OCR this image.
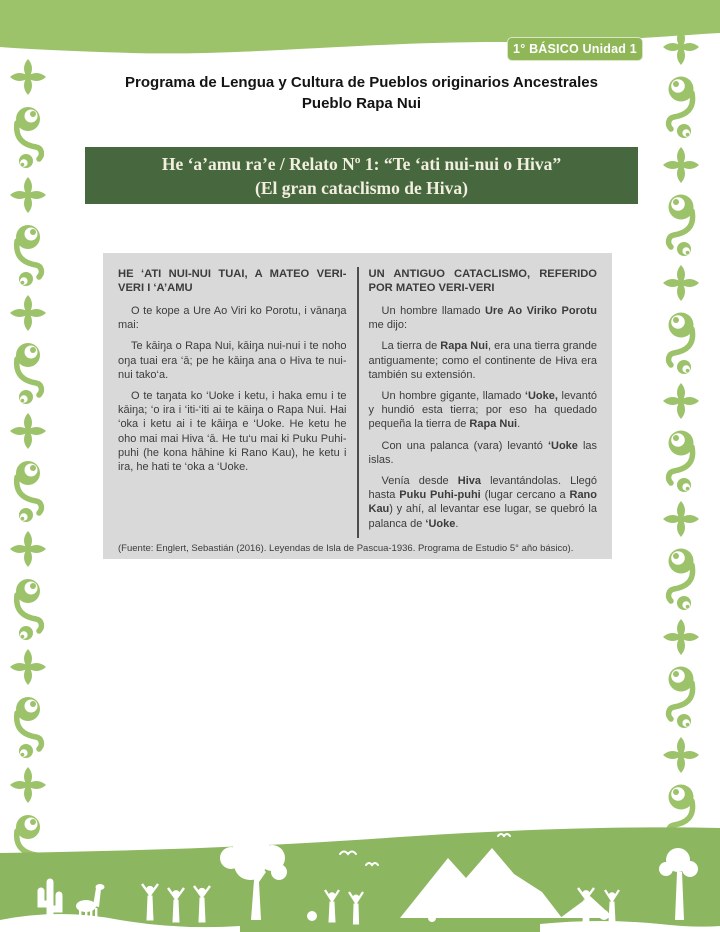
1° BÁSICO Unidad 1
Programa de Lengua y Cultura de Pueblos originarios Ancestrales
Pueblo Rapa Nui
He ‘a’amu ra’e / Relato Nº 1: “Te ‘ati nui-nui o Hiva”
(El gran cataclismo de Hiva)
HE ‘ATI NUI-NUI TUAI, A MATEO VERI-VERI I ‘A’AMU

O te kope a Ure Ao Viri ko Porotu, i vānaŋa mai:

Te kāiŋa o Rapa Nui, kāiŋa nui-nui i te noho oŋa tuai era ‘ā; pe he kāiŋa ana o Hiva te nui- nui tako‘a.

O te taŋata ko ‘Uoke i ketu, i haka emu i te kāiŋa; ‘o ira i ‘iti-‘iti ai te kāiŋa o Rapa Nui. Hai ‘oka i ketu ai i te kāiŋa e ‘Uoke. He ketu he oho mai mai Hiva ‘ā. He tu‘u mai ki Puku Puhi-puhi (he kona hāhine ki Rano Kau), he ketu i ira, he hati te ‘oka a ‘Uoke.

UN ANTIGUO CATACLISMO, REFERIDO POR MATEO VERI-VERI

Un hombre llamado Ure Ao Viriko Porotu me dijo:

La tierra de Rapa Nui, era una tierra grande antiguamente; como el continente de Hiva era también su extensión.

Un hombre gigante, llamado ‘Uoke, levantó y hundió esta tierra; por eso ha quedado pequeña la tierra de Rapa Nui.

Con una palanca (vara) levantó ‘Uoke las islas.

Venía desde Hiva levantándolas. Llegó hasta Puku Puhi-puhi (lugar cercano a Rano Kau) y ahí, al levantar ese lugar, se quebró la palanca de ‘Uoke.

(Fuente: Englert, Sebastián (2016). Leyendas de Isla de Pascua-1936. Programa de Estudio 5° año básico).
